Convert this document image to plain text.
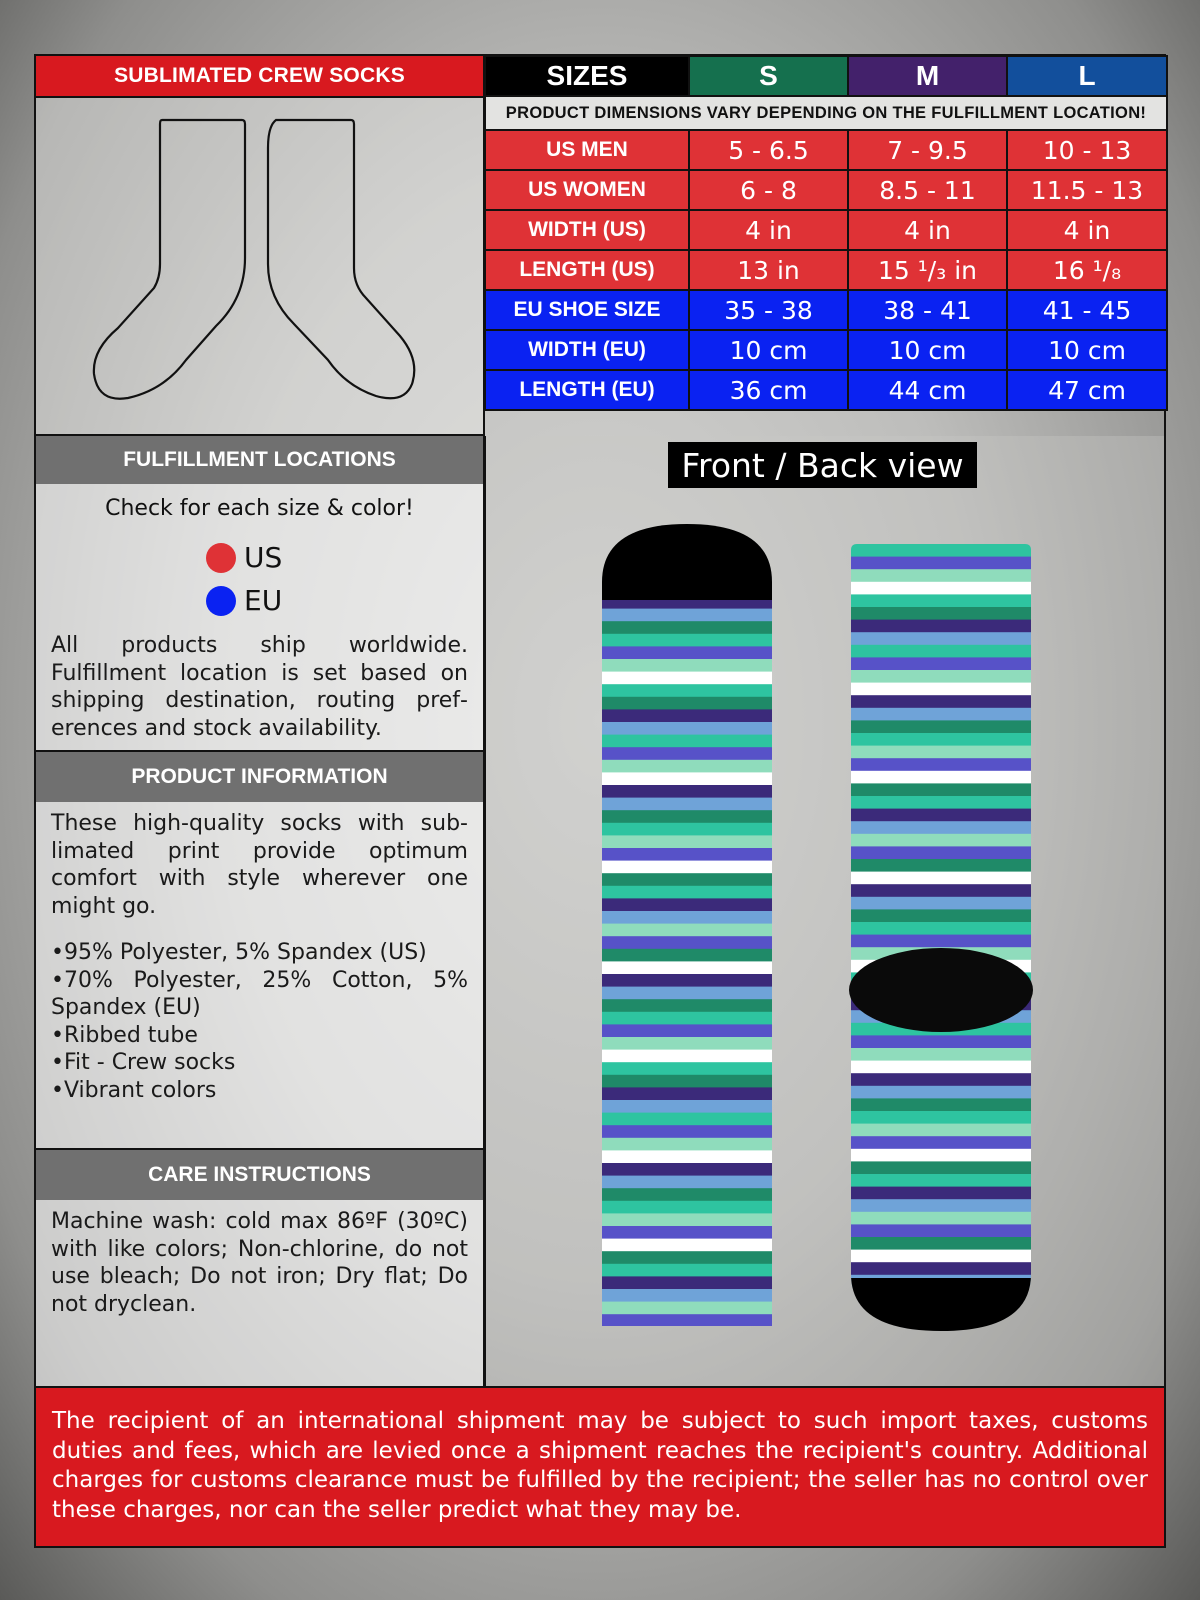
SUBLIMATED CREW SOCKS	SIZES	S	M	L
PRODUCT DIMENSIONS VARY DEPENDING ON THE FULFILLMENT LOCATION!			
US MEN	5 - 6.5	7 - 9.5	10 - 13
US WOMEN	6 - 8	8.5 - 11	11.5 - 13
WIDTH (US)	4 in	4 in	4 in
LENGTH (US)	13 in	15 ¹/₃ in	16 ¹/₈
EU SHOE SIZE	35 - 38	38 - 41	41 - 45
WIDTH (EU)	10 cm	10 cm	10 cm
LENGTH (EU)	36 cm	44 cm	47 cm
FULFILLMENT LOCATIONS
Check for each size & color!
US
EU
All products ship worldwide. Fulfillment location is set based on shipping destination, routing preferences and stock availability.
PRODUCT INFORMATION
These high-quality socks with sublimated print provide optimum comfort with style wherever one might go.
•95% Polyester, 5% Spandex (US)
•70% Polyester, 25% Cotton, 5% Spandex (EU)
•Ribbed tube
•Fit - Crew socks
•Vibrant colors
CARE INSTRUCTIONS
Machine wash: cold max 86ºF (30ºC) with like colors; Non-chlorine, do not use bleach; Do not iron; Dry flat; Do not dryclean.
Front / Back view
The recipient of an international shipment may be subject to such import taxes, customs duties and fees, which are levied once a shipment reaches the recipient's country. Additional charges for customs clearance must be fulfilled by the recipient; the seller has no control over these charges, nor can the seller predict what they may be.
